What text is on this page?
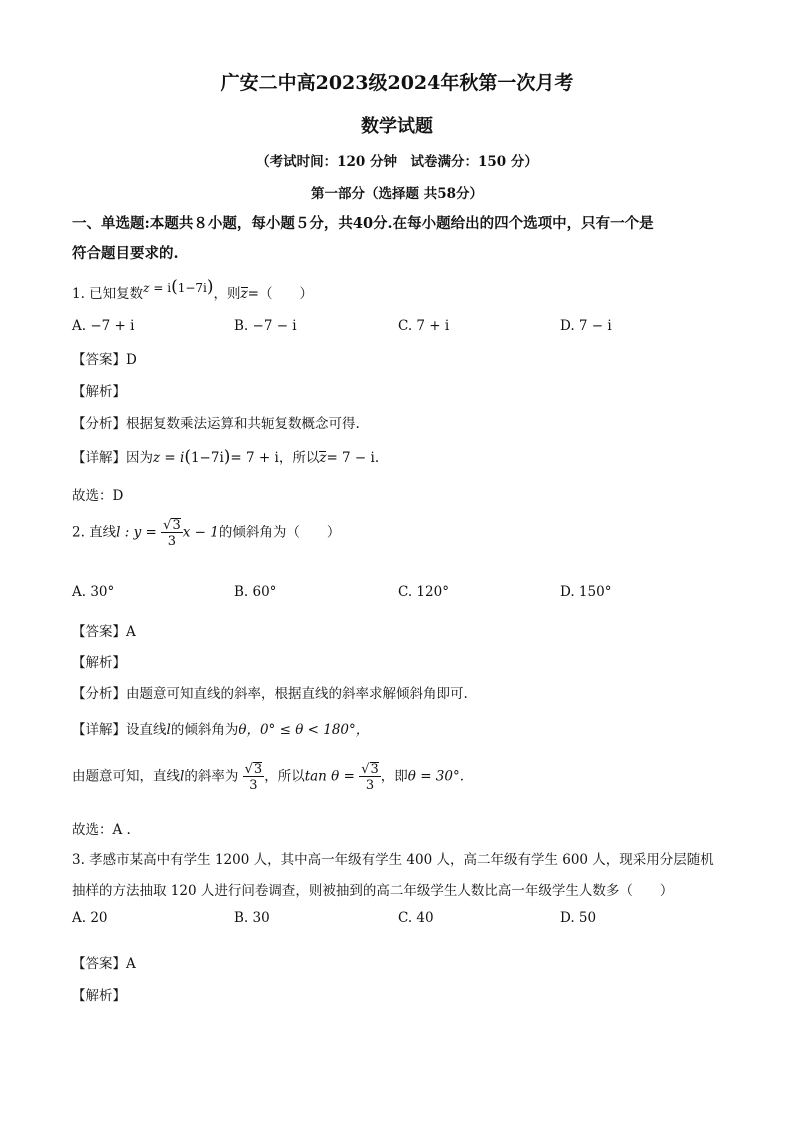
广安二中高2023级2024年秋第一次月考
数学试题
（考试时间：120 分钟　试卷满分：150 分）
第一部分（选择题 共58分）
一、单选题:本题共８小题，每小题５分，共40分.在每小题给出的四个选项中，只有一个是
符合题目要求的.
1. 已知复数z = i(1−7i)，则z=（　　）
A. −7 + i	B. −7 − i	C. 7 + i	D. 7 − i
【答案】D
【解析】
【分析】根据复数乘法运算和共轭复数概念可得.
【详解】因为z = i(1−7i)= 7 + i，所以z= 7 − i.
故选：D
2. 直线l : $y = \frac{√3}{3}$ x − 1的倾斜角为（　　）
A. 30°	B. 60°	C. 120°	D. 150°
【答案】A
【解析】
【分析】由题意可知直线的斜率，根据直线的斜率求解倾斜角即可.
【详解】设直线l的倾斜角为θ，0° ≤ θ < 180°，
由题意可知，直线l的斜率为 $\frac{√3}{3}$ ，所以$\tan \theta = \frac{√3}{3}$ ，即θ = 30°.
故选：A .
3. 孝感市某高中有学生 1200 人，其中高一年级有学生 400 人，高二年级有学生 600 人，现采用分层随机
抽样的方法抽取 120 人进行问卷调查，则被抽到的高二年级学生人数比高一年级学生人数多（　　）
A. 20	B. 30	C. 40	D. 50
【答案】A
【解析】
